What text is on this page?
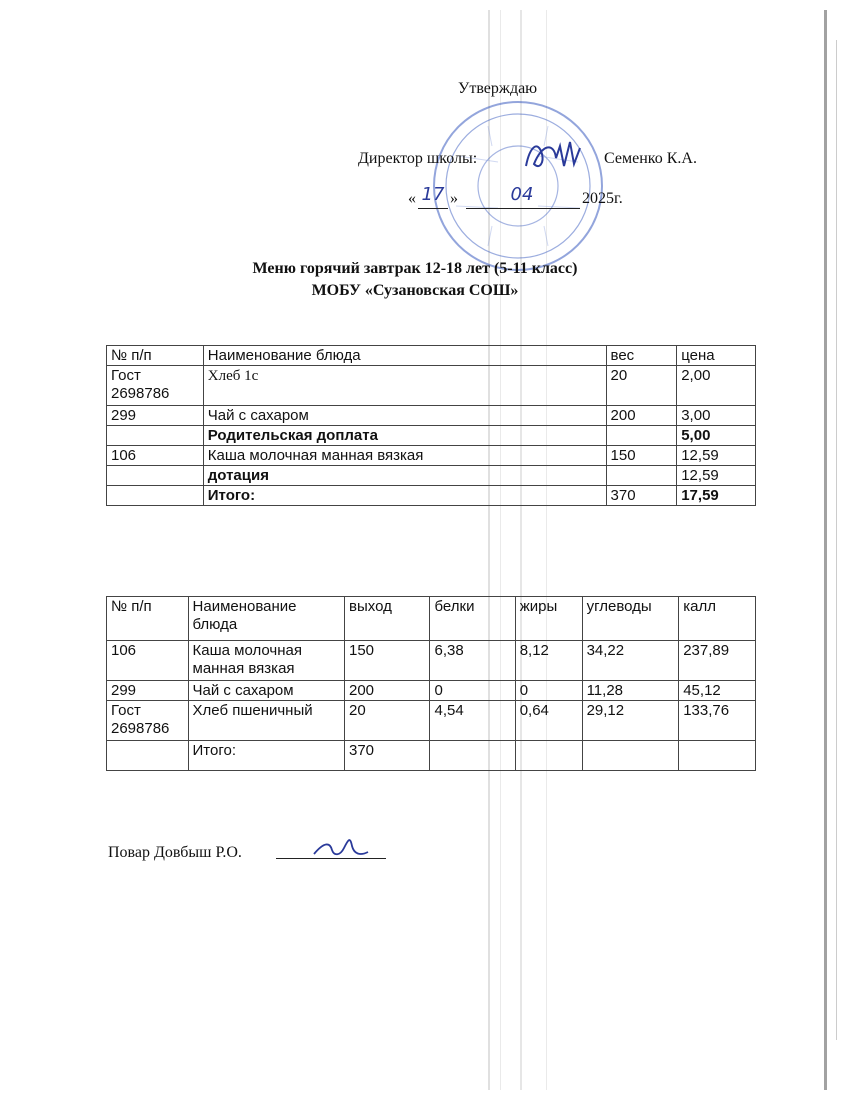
Утверждаю
Директор школы:	Семенко К.А.
« 17 »	04	2025г.
Меню горячий завтрак 12-18 лет (5-11 класс)
МОБУ «Сузановская СОШ»
№ п/п	Наименование блюда	вес	цена
Гост 2698786	Хлеб 1с	20	2,00
299	Чай с сахаром	200	3,00
	Родительская доплата		5,00
106	Каша молочная манная вязкая	150	12,59
	дотация		12,59
	Итого:	370	17,59
№ п/п	Наименование блюда	выход	белки	жиры	углеводы	калл
106	Каша молочная манная вязкая	150	6,38	8,12	34,22	237,89
299	Чай с сахаром	200	0	0	11,28	45,12
Гост 2698786	Хлеб пшеничный	20	4,54	0,64	29,12	133,76
	Итого:	370				
Повар Довбыш Р.О.
